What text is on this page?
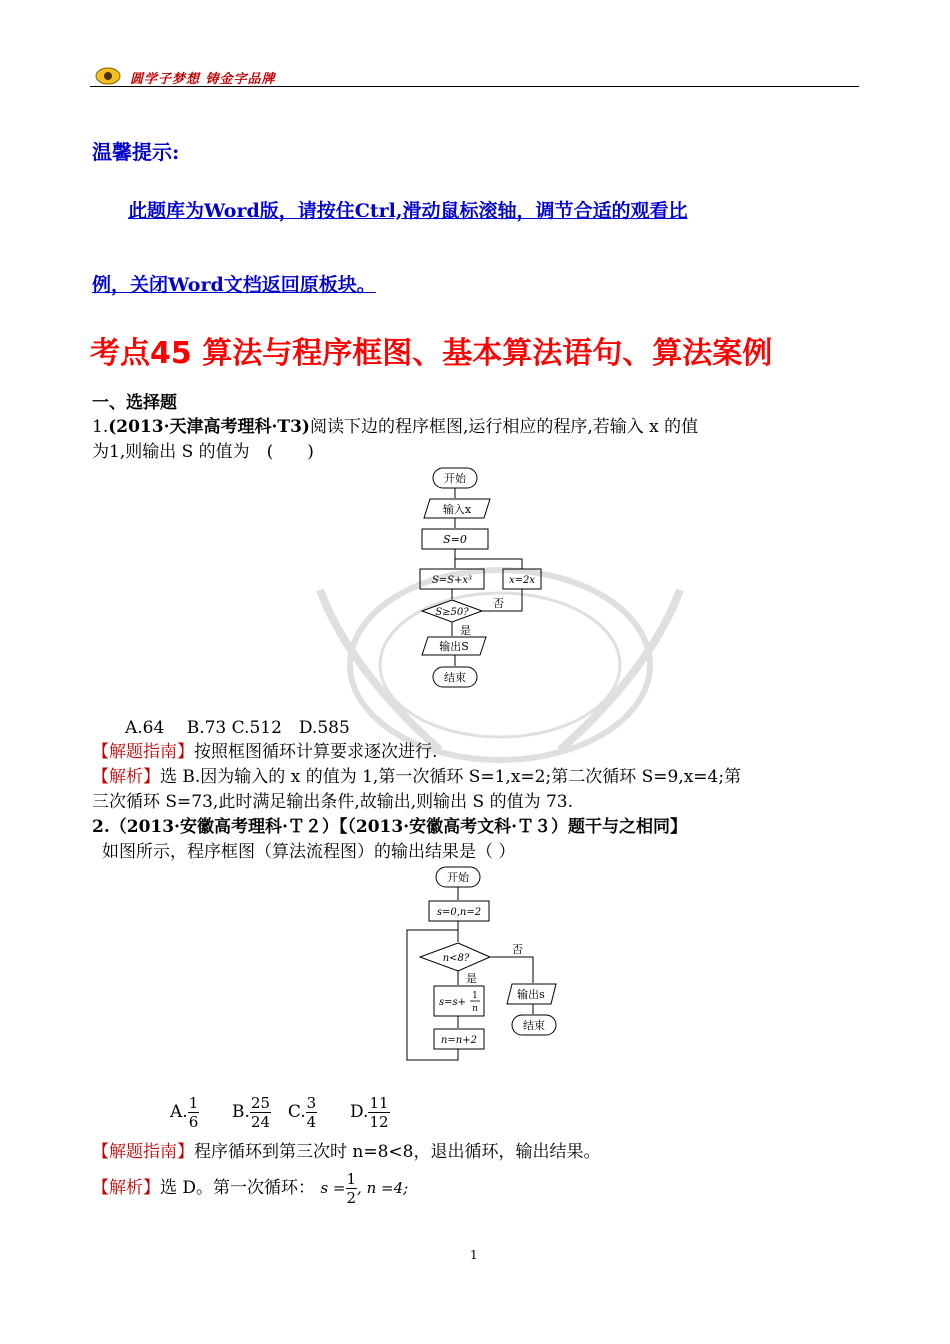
圆学子梦想 铸金字品牌
温馨提示:
此题库为Word版，请按住Ctrl,滑动鼠标滚轴，调节合适的观看比
例，关闭Word文档返回原板块。
考点45 算法与程序框图、基本算法语句、算法案例
一、选择题
1.(2013·天津高考理科·T3)阅读下边的程序框图,运行相应的程序,若输入 x 的值
为1,则输出 S 的值为　(　　)
开始
输入x
S=0
S=S+x³	x=2x
S≥50?
否
是
输出S
结束
A.64　 B.73 C.512　D.585
【解题指南】按照框图循环计算要求逐次进行.
【解析】选 B.因为输入的 x 的值为 1,第一次循环 S=1,x=2;第二次循环 S=9,x=4;第
三次循环 S=73,此时满足输出条件,故输出,则输出 S 的值为 73.
2.（2013·安徽高考理科·Ｔ２）【（2013·安徽高考文科·Ｔ３）题干与之相同】
如图所示，程序框图（算法流程图）的输出结果是（ ）
开始
s=0,n=2
n<8?
否
是
s=s+
1
n
n=n+2
输出s
结束
A. $\frac{1}{6} B$. $\frac{25}{24} C$. $\frac{3}{4} D$. $\frac{11}{12}$
【解题指南】程序循环到第三次时 n=8<8，退出循环，输出结果。
【解析】选 D。第一次循环： $s = \frac{1}{2}$ , n =4;
1
